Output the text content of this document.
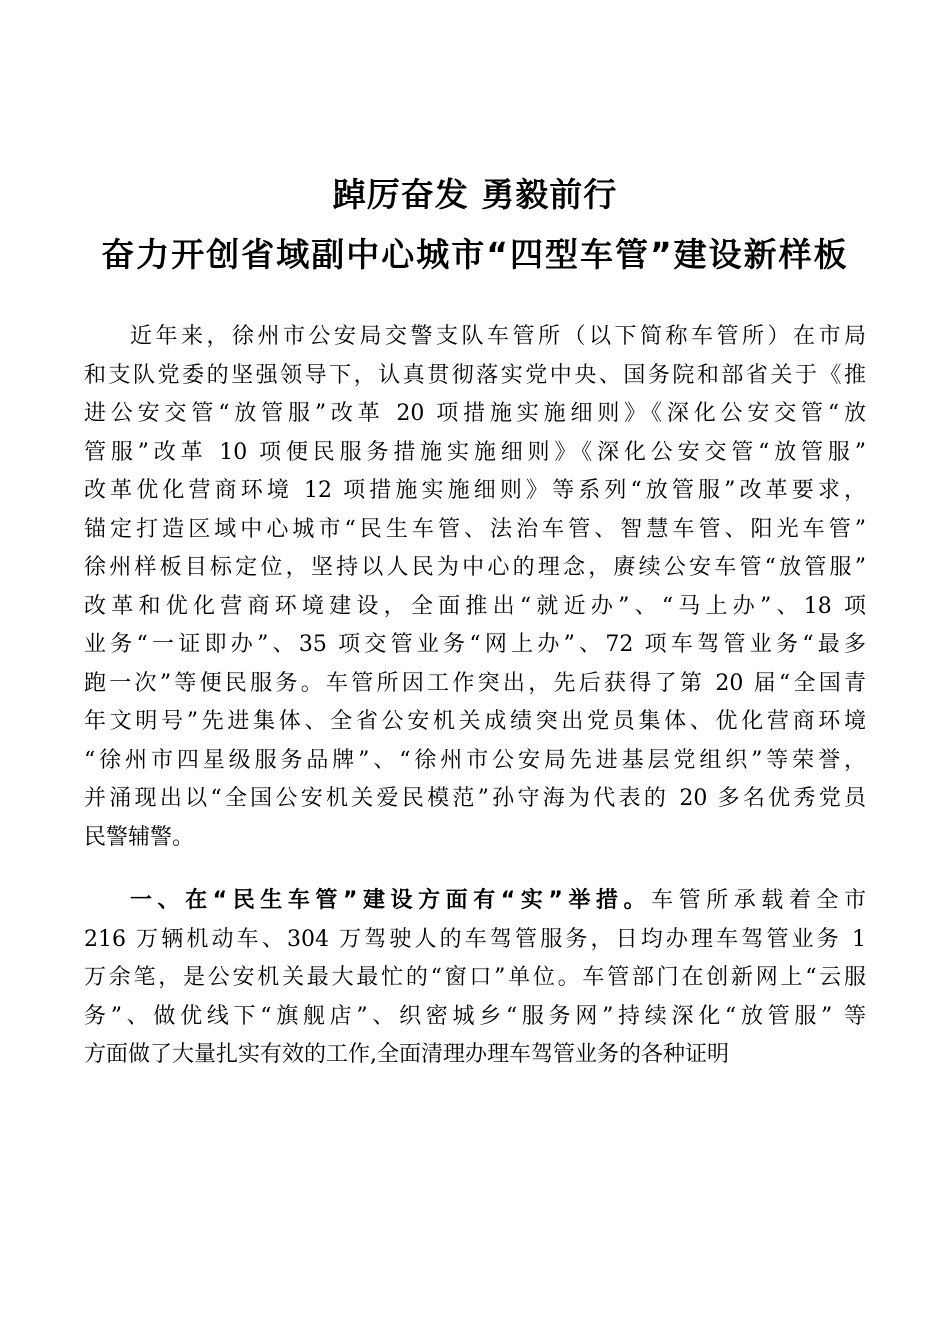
踔厉奋发 勇毅前行
奋力开创省域副中心城市“四型车管”建设新样板
近年来，徐州市公安局交警支队车管所（以下简称车管所）在市局
和支队党委的坚强领导下，认真贯彻落实党中央、国务院和部省关于《推
进公安交管“放管服”改革 20 项措施实施细则》《深化公安交管“放
管服”改革 10 项便民服务措施实施细则》《深化公安交管“放管服”
改革优化营商环境 12 项措施实施细则》等系列“放管服”改革要求，
锚定打造区域中心城市“民生车管、法治车管、智慧车管、阳光车管”
徐州样板目标定位，坚持以人民为中心的理念，赓续公安车管“放管服”
改革和优化营商环境建设，全面推出“就近办”、“马上办”、18 项
业务“一证即办”、35 项交管业务“网上办”、72 项车驾管业务“最多
跑一次”等便民服务。车管所因工作突出，先后获得了第 20 届“全国青
年文明号”先进集体、全省公安机关成绩突出党员集体、优化营商环境
“徐州市四星级服务品牌”、“徐州市公安局先进基层党组织”等荣誉，
并涌现出以“全国公安机关爱民模范”孙守海为代表的 20 多名优秀党员
民警辅警。
一、在“民生车管”建设方面有“实”举措。车管所承载着全市
216 万辆机动车、304 万驾驶人的车驾管服务，日均办理车驾管业务 1
万余笔，是公安机关最大最忙的“窗口”单位。车管部门在创新网上“云服
务”、做优线下“旗舰店”、织密城乡“服务网”持续深化“放管服” 等
方面做了大量扎实有效的工作,全面清理办理车驾管业务的各种证明
